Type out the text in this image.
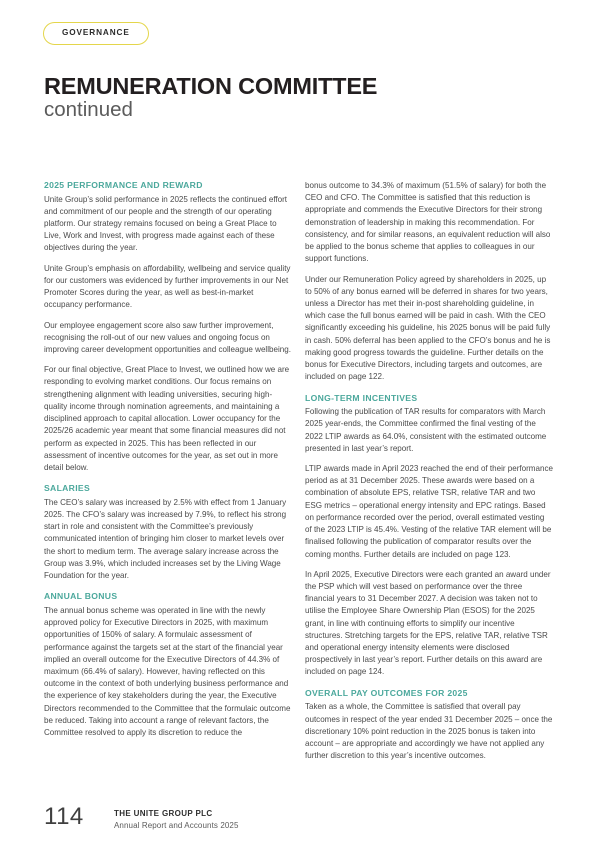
GOVERNANCE
REMUNERATION COMMITTEE
continued
2025 PERFORMANCE AND REWARD

Unite Group’s solid performance in 2025 reflects the continued effort and commitment of our people and the strength of our operating platform. Our strategy remains focused on being a Great Place to Live, Work and Invest, with progress made against each of these objectives during the year.

Unite Group’s emphasis on affordability, wellbeing and service quality for our customers was evidenced by further improvements in our Net Promoter Scores during the year, as well as best-in-market occupancy performance.

Our employee engagement score also saw further improvement, recognising the roll-out of our new values and ongoing focus on improving career development opportunities and colleague wellbeing.

For our final objective, Great Place to Invest, we outlined how we are responding to evolving market conditions. Our focus remains on strengthening alignment with leading universities, securing high-quality income through nomination agreements, and maintaining a disciplined approach to capital allocation. Lower occupancy for the 2025/26 academic year meant that some financial measures did not perform as expected in 2025. This has been reflected in our assessment of incentive outcomes for the year, as set out in more detail below.

SALARIES

The CEO’s salary was increased by 2.5% with effect from 1 January 2025. The CFO’s salary was increased by 7.9%, to reflect his strong start in role and consistent with the Committee’s previously communicated intention of bringing him closer to market levels over the short to medium term. The average salary increase across the Group was 3.9%, which included increases set by the Living Wage Foundation for the year.

ANNUAL BONUS

The annual bonus scheme was operated in line with the newly approved policy for Executive Directors in 2025, with maximum opportunities of 150% of salary. A formulaic assessment of performance against the targets set at the start of the financial year implied an overall outcome for the Executive Directors of 44.3% of maximum (66.4% of salary). However, having reflected on this outcome in the context of both underlying business performance and the experience of key stakeholders during the year, the Executive Directors recommended to the Committee that the formulaic outcome be reduced. Taking into account a range of relevant factors, the Committee resolved to apply its discretion to reduce the

bonus outcome to 34.3% of maximum (51.5% of salary) for both the CEO and CFO. The Committee is satisfied that this reduction is appropriate and commends the Executive Directors for their strong demonstration of leadership in making this recommendation. For consistency, and for similar reasons, an equivalent reduction will also be applied to the bonus scheme that applies to colleagues in our support functions.

Under our Remuneration Policy agreed by shareholders in 2025, up to 50% of any bonus earned will be deferred in shares for two years, unless a Director has met their in-post shareholding guideline, in which case the full bonus earned will be paid in cash. With the CEO significantly exceeding his guideline, his 2025 bonus will be paid fully in cash. 50% deferral has been applied to the CFO’s bonus and he is making good progress towards the guideline. Further details on the bonus for Executive Directors, including targets and outcomes, are included on page 122.

LONG-TERM INCENTIVES

Following the publication of TAR results for comparators with March 2025 year-ends, the Committee confirmed the final vesting of the 2022 LTIP awards as 64.0%, consistent with the estimated outcome presented in last year’s report.

LTIP awards made in April 2023 reached the end of their performance period as at 31 December 2025. These awards were based on a combination of absolute EPS, relative TSR, relative TAR and two ESG metrics – operational energy intensity and EPC ratings. Based on performance recorded over the period, overall estimated vesting of the 2023 LTIP is 45.4%. Vesting of the relative TAR element will be finalised following the publication of comparator results over the coming months. Further details are included on page 123.

In April 2025, Executive Directors were each granted an award under the PSP which will vest based on performance over the three financial years to 31 December 2027. A decision was taken not to utilise the Employee Share Ownership Plan (ESOS) for the 2025 grant, in line with continuing efforts to simplify our incentive structures. Stretching targets for the EPS, relative TAR, relative TSR and operational energy intensity elements were disclosed prospectively in last year’s report. Further details on this award are included on page 124.

OVERALL PAY OUTCOMES FOR 2025

Taken as a whole, the Committee is satisfied that overall pay outcomes in respect of the year ended 31 December 2025 – once the discretionary 10% point reduction in the 2025 bonus is taken into account – are appropriate and accordingly we have not applied any further discretion to this year’s incentive outcomes.

114	THE UNITE GROUP PLC
Annual Report and Accounts 2025
